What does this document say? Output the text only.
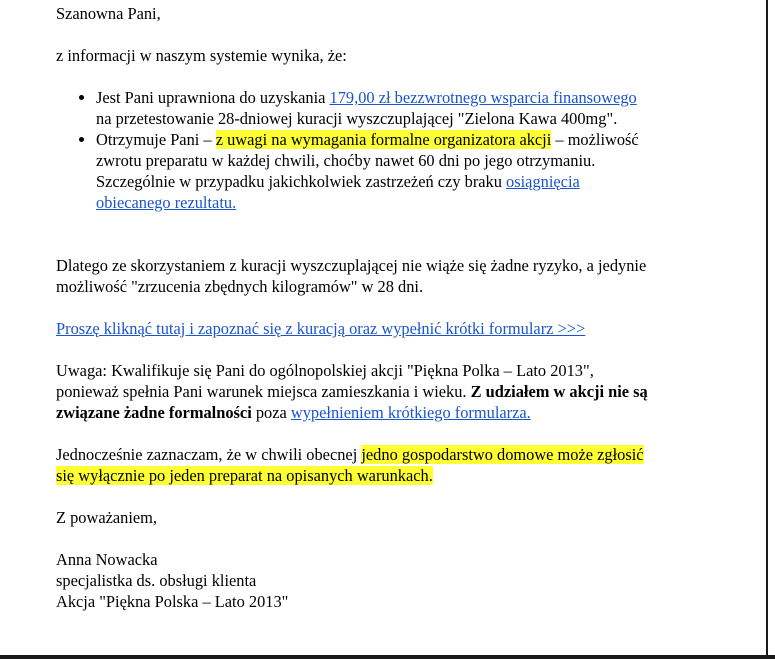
Szanowna Pani,

z informacji w naszym systemie wynika, że:

• Jest Pani uprawniona do uzyskania 179,00 zł bezzwrotnego wsparcia finansowego na przetestowanie 28-dniowej kuracji wyszczuplającej "Zielona Kawa 400mg".
• Otrzymuje Pani – z uwagi na wymagania formalne organizatora akcji – możliwość zwrotu preparatu w każdej chwili, choćby nawet 60 dni po jego otrzymaniu. Szczególnie w przypadku jakichkolwiek zastrzeżeń czy braku osiągnięcia obiecanego rezultatu.

Dlatego ze skorzystaniem z kuracji wyszczuplającej nie wiąże się żadne ryzyko, a jedynie możliwość "zrzucenia zbędnych kilogramów" w 28 dni.

Proszę kliknąć tutaj i zapoznać się z kuracją oraz wypełnić krótki formularz >>>

Uwaga: Kwalifikuje się Pani do ogólnopolskiej akcji "Piękna Polka – Lato 2013", ponieważ spełnia Pani warunek miejsca zamieszkania i wieku. Z udziałem w akcji nie są związane żadne formalności poza wypełnieniem krótkiego formularza.

Jednocześnie zaznaczam, że w chwili obecnej jedno gospodarstwo domowe może zgłosić się wyłącznie po jeden preparat na opisanych warunkach.

Z poważaniem,

Anna Nowacka

specjalistka ds. obsługi klienta

Akcja "Piękna Polska – Lato 2013"
